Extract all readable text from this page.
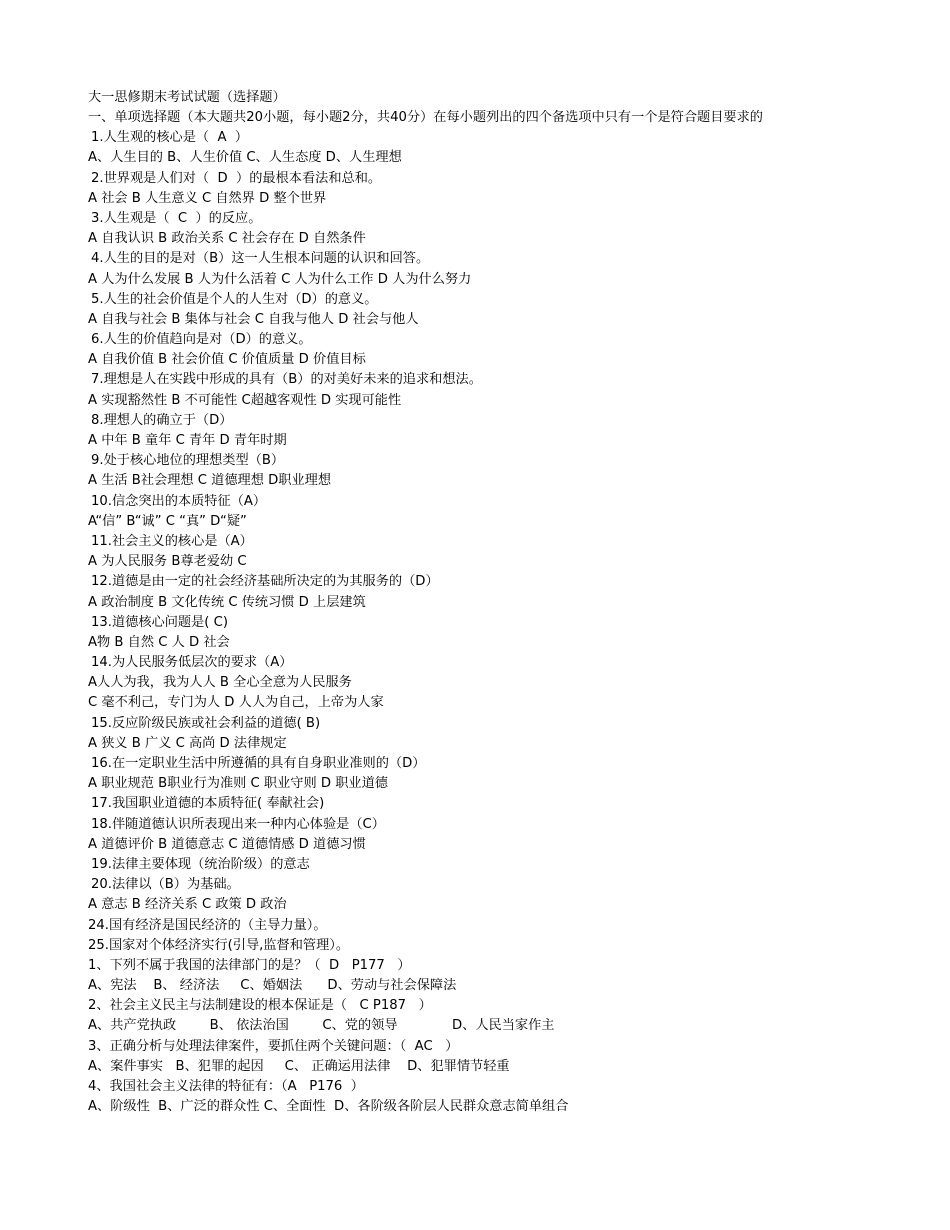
大一思修期末考试试题（选择题）
一、单项选择题（本大题共20小题，每小题2分，共40分）在每小题列出的四个备选项中只有一个是符合题目要求的
1.人生观的核心是（  A  ）
A、人生目的 B、人生价值 C、人生态度 D、人生理想
2.世界观是人们对（  D  ）的最根本看法和总和。
A 社会 B 人生意义 C 自然界 D 整个世界
3.人生观是（  C  ）的反应。
A 自我认识 B 政治关系 C 社会存在 D 自然条件
4.人生的目的是对（B）这一人生根本问题的认识和回答。
A 人为什么发展 B 人为什么活着 C 人为什么工作 D 人为什么努力
5.人生的社会价值是个人的人生对（D）的意义。
A 自我与社会 B 集体与社会 C 自我与他人 D 社会与他人
6.人生的价值趋向是对（D）的意义。
A 自我价值 B 社会价值 C 价值质量 D 价值目标
7.理想是人在实践中形成的具有（B）的对美好未来的追求和想法。
A 实现豁然性 B 不可能性 C超越客观性 D 实现可能性
8.理想人的确立于（D）
A 中年 B 童年 C 青年 D 青年时期
9.处于核心地位的理想类型（B）
A 生活 B社会理想 C 道德理想 D职业理想
10.信念突出的本质特征（A）
A“信” B“诚” C “真” D“疑”
11.社会主义的核心是（A）
A 为人民服务 B尊老爱幼 C
12.道德是由一定的社会经济基础所决定的为其服务的（D）
A 政治制度 B 文化传统 C 传统习惯 D 上层建筑
13.道德核心问题是( C)
A物 B 自然 C 人 D 社会
14.为人民服务低层次的要求（A）
A人人为我，我为人人 B 全心全意为人民服务
C 毫不利己，专门为人 D 人人为自己，上帝为人家
15.反应阶级民族或社会利益的道德( B)
A 狭义 B 广义 C 高尚 D 法律规定
16.在一定职业生活中所遵循的具有自身职业准则的（D）
A 职业规范 B职业行为准则 C 职业守则 D 职业道德
17.我国职业道德的本质特征( 奉献社会)
18.伴随道德认识所表现出来一种内心体验是（C）
A 道德评价 B 道德意志 C 道德情感 D 道德习惯
19.法律主要体现（统治阶级）的意志
20.法律以（B）为基础。
A 意志 B 经济关系 C 政策 D 政治
24.国有经济是国民经济的（主导力量）。
25.国家对个体经济实行(引导,监督和管理）。
1、下列不属于我国的法律部门的是？（  D   P177   ）
A、宪法    B、 经济法     C、婚姻法      D、劳动与社会保障法
2、社会主义民主与法制建设的根本保证是（   C P187   ）
A、共产党执政        B、 依法治国        C、党的领导             D、人民当家作主
3、正确分析与处理法律案件，要抓住两个关键问题：（  AC   ）
A、案件事实   B、犯罪的起因     C、 正确运用法律    D、犯罪情节轻重
4、我国社会主义法律的特征有：（A   P176  ）
A、阶级性  B、广泛的群众性 C、全面性  D、各阶级各阶层人民群众意志简单组合
